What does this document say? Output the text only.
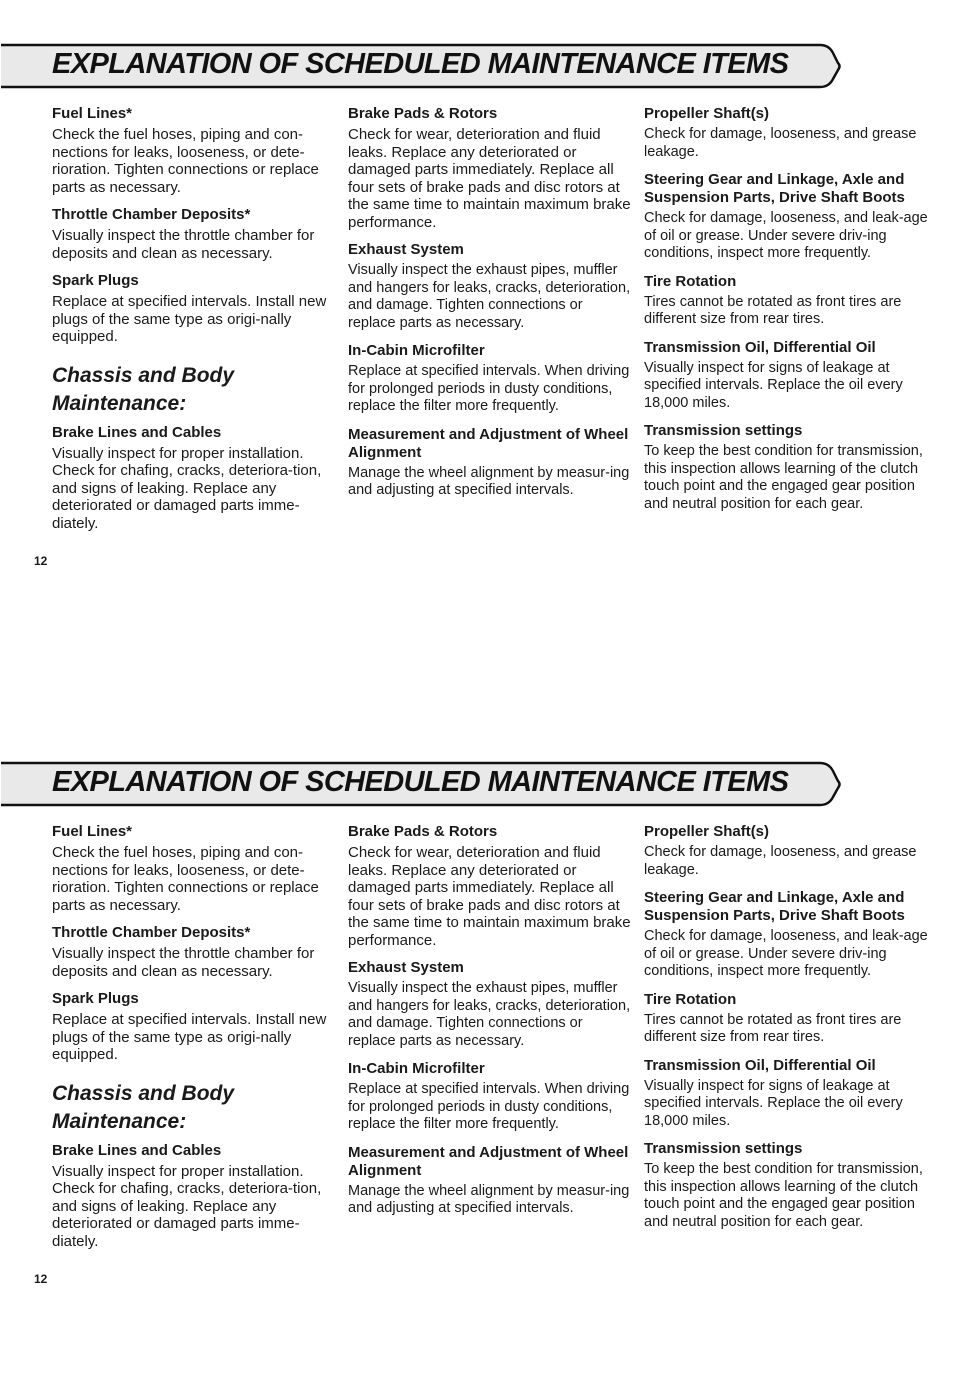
EXPLANATION OF SCHEDULED MAINTENANCE ITEMS

Fuel Lines*

Check the fuel hoses, piping and con-nections for leaks, looseness, or dete-rioration. Tighten connections or replace parts as necessary.

Throttle Chamber Deposits*

Visually inspect the throttle chamber for deposits and clean as necessary.

Spark Plugs

Replace at specified intervals. Install new plugs of the same type as origi-nally equipped.

Chassis and Body Maintenance:

Brake Lines and Cables

Visually inspect for proper installation. Check for chafing, cracks, deteriora-tion, and signs of leaking. Replace any deteriorated or damaged parts imme-diately.

Brake Pads & Rotors

Check for wear, deterioration and fluid leaks. Replace any deteriorated or damaged parts immediately. Replace all four sets of brake pads and disc rotors at the same time to maintain maximum brake performance.

Exhaust System

Visually inspect the exhaust pipes, muffler and hangers for leaks, cracks, deterioration, and damage. Tighten connections or replace parts as necessary.

In-Cabin Microfilter

Replace at specified intervals. When driving for prolonged periods in dusty conditions, replace the filter more frequently.

Measurement and Adjustment of Wheel Alignment

Manage the wheel alignment by measur-ing and adjusting at specified intervals.

Propeller Shaft(s)

Check for damage, looseness, and grease leakage.

Steering Gear and Linkage, Axle and Suspension Parts, Drive Shaft Boots

Check for damage, looseness, and leak-age of oil or grease. Under severe driv-ing conditions, inspect more frequently.

Tire Rotation

Tires cannot be rotated as front tires are different size from rear tires.

Transmission Oil, Differential Oil

Visually inspect for signs of leakage at specified intervals. Replace the oil every 18,000 miles.

Transmission settings

To keep the best condition for transmission, this inspection allows learning of the clutch touch point and the engaged gear position and neutral position for each gear.

12
EXPLANATION OF SCHEDULED MAINTENANCE ITEMS

Fuel Lines*

Check the fuel hoses, piping and con-nections for leaks, looseness, or dete-rioration. Tighten connections or replace parts as necessary.

Throttle Chamber Deposits*

Visually inspect the throttle chamber for deposits and clean as necessary.

Spark Plugs

Replace at specified intervals. Install new plugs of the same type as origi-nally equipped.

Chassis and Body Maintenance:

Brake Lines and Cables

Visually inspect for proper installation. Check for chafing, cracks, deteriora-tion, and signs of leaking. Replace any deteriorated or damaged parts imme-diately.

Brake Pads & Rotors

Check for wear, deterioration and fluid leaks. Replace any deteriorated or damaged parts immediately. Replace all four sets of brake pads and disc rotors at the same time to maintain maximum brake performance.

Exhaust System

Visually inspect the exhaust pipes, muffler and hangers for leaks, cracks, deterioration, and damage. Tighten connections or replace parts as necessary.

In-Cabin Microfilter

Replace at specified intervals. When driving for prolonged periods in dusty conditions, replace the filter more frequently.

Measurement and Adjustment of Wheel Alignment

Manage the wheel alignment by measur-ing and adjusting at specified intervals.

Propeller Shaft(s)

Check for damage, looseness, and grease leakage.

Steering Gear and Linkage, Axle and Suspension Parts, Drive Shaft Boots

Check for damage, looseness, and leak-age of oil or grease. Under severe driv-ing conditions, inspect more frequently.

Tire Rotation

Tires cannot be rotated as front tires are different size from rear tires.

Transmission Oil, Differential Oil

Visually inspect for signs of leakage at specified intervals. Replace the oil every 18,000 miles.

Transmission settings

To keep the best condition for transmission, this inspection allows learning of the clutch touch point and the engaged gear position and neutral position for each gear.

12
